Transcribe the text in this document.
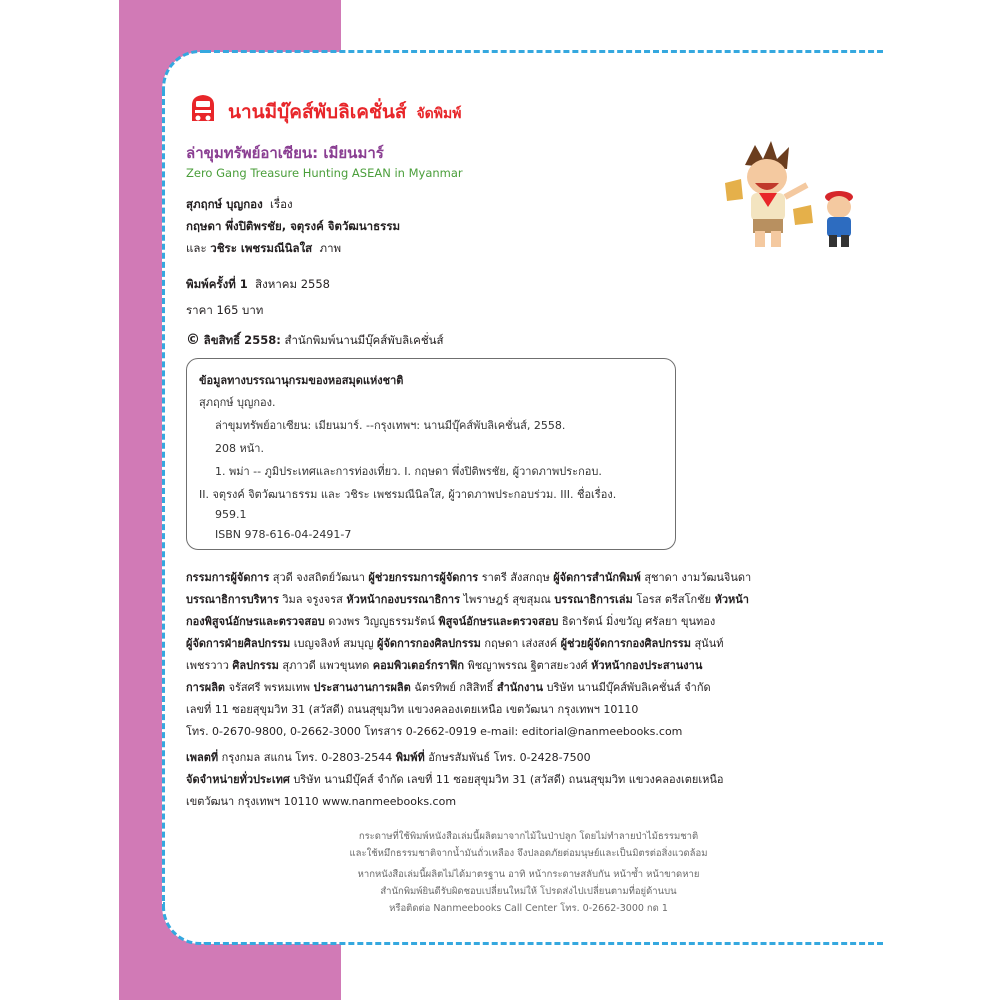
นานมีบุ๊คส์พับลิเคชั่นส์ จัดพิมพ์
ล่าขุมทรัพย์อาเซียน: เมียนมาร์
Zero Gang Treasure Hunting ASEAN in Myanmar
สุภฤกษ์ บุญกอง เรื่อง
กฤษดา พึ่งปิติพรชัย, จตุรงค์ จิตวัฒนาธรรม
และ วชิระ เพชรมณีนิลใส ภาพ
พิมพ์ครั้งที่ 1 สิงหาคม 2558
ราคา 165 บาท
© ลิขสิทธิ์ 2558: สำนักพิมพ์นานมีบุ๊คส์พับลิเคชั่นส์
ข้อมูลทางบรรณานุกรมของหอสมุดแห่งชาติ
สุภฤกษ์ บุญกอง.
ล่าขุมทรัพย์อาเซียน: เมียนมาร์. --กรุงเทพฯ: นานมีบุ๊คส์พับลิเคชั่นส์, 2558.
208 หน้า.
1. พม่า -- ภูมิประเทศและการท่องเที่ยว. I. กฤษดา พึ่งปิติพรชัย, ผู้วาดภาพประกอบ.
II. จตุรงค์ จิตวัฒนาธรรม และ วชิระ เพชรมณีนิลใส, ผู้วาดภาพประกอบร่วม. III. ชื่อเรื่อง.
959.1
ISBN 978-616-04-2491-7
กรรมการผู้จัดการ สุวดี จงสถิตย์วัฒนา ผู้ช่วยกรรมการผู้จัดการ ราตรี สังสกฤษ ผู้จัดการสำนักพิมพ์ สุชาดา งามวัฒนจินดา
บรรณาธิการบริหาร วิมล จรูงจรส หัวหน้ากองบรรณาธิการ ไพราษฎร์ สุขสุมณ บรรณาธิการเล่ม โอรส ตรีสโกชัย หัวหน้า
กองพิสูจน์อักษรและตรวจสอบ ดวงพร วิญญูธรรมรัตน์ พิสูจน์อักษรและตรวจสอบ ธิดารัตน์ มิ่งขวัญ ศรัลยา ขุนทอง
ผู้จัดการฝ่ายศิลปกรรม เบญจลิงห์ สมบุญ ผู้จัดการกองศิลปกรรม กฤษดา เส่งสงค์ ผู้ช่วยผู้จัดการกองศิลปกรรม สุนันท์
เพชรวาว ศิลปกรรม สุภาวดี แพวขุนทด คอมพิวเตอร์กราฟิก พิชญาพรรณ ฐิตาสยะวงศ์ หัวหน้ากองประสานงาน
การผลิต จรัสศรี พรหมเทพ ประสานงานการผลิต ฉัตรทิพย์ กสิสิทธิ์ สำนักงาน บริษัท นานมีบุ๊คส์พับลิเคชั่นส์ จำกัด
เลขที่ 11 ซอยสุขุมวิท 31 (สวัสดี) ถนนสุขุมวิท แขวงคลองเตยเหนือ เขตวัฒนา กรุงเทพฯ 10110
โทร. 0-2670-9800, 0-2662-3000 โทรสาร 0-2662-0919 e-mail: editorial@nanmeebooks.com
เพลตที่ กรุงกมล สแกน โทร. 0-2803-2544 พิมพ์ที่ อักษรสัมพันธ์ โทร. 0-2428-7500
จัดจำหน่ายทั่วประเทศ บริษัท นานมีบุ๊คส์ จำกัด เลขที่ 11 ซอยสุขุมวิท 31 (สวัสดี) ถนนสุขุมวิท แขวงคลองเตยเหนือ
เขตวัฒนา กรุงเทพฯ 10110 www.nanmeebooks.com
กระดาษที่ใช้พิมพ์หนังสือเล่มนี้ผลิตมาจากไม้ในป่าปลูก โดยไม่ทำลายป่าไม้ธรรมชาติ
และใช้หมึกธรรมชาติจากน้ำมันถั่วเหลือง จึงปลอดภัยต่อมนุษย์และเป็นมิตรต่อสิ่งแวดล้อม
หากหนังสือเล่มนี้ผลิตไม่ได้มาตรฐาน อาทิ หน้ากระดาษสลับกัน หน้าซ้ำ หน้าขาดหาย
สำนักพิมพ์ยินดีรับผิดชอบเปลี่ยนใหม่ให้ โปรดส่งไปเปลี่ยนตามที่อยู่ด้านบน
หรือติดต่อ Nanmeebooks Call Center โทร. 0-2662-3000 กด 1
